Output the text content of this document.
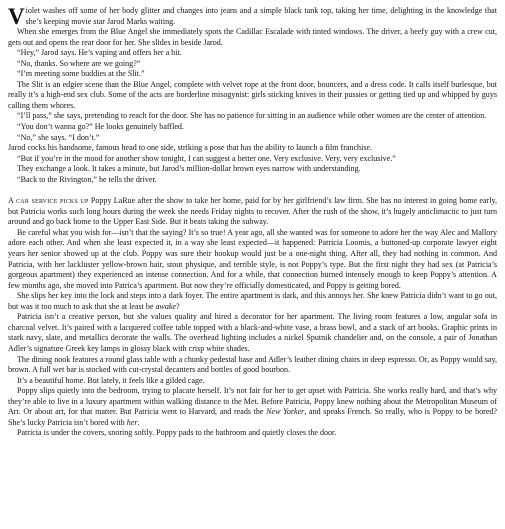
Violet washes off some of her body glitter and changes into jeans and a simple black tank top, taking her time, delighting in the knowledge that she’s keeping movie star Jarod Marks waiting.

When she emerges from the Blue Angel she immediately spots the Cadillac Escalade with tinted windows. The driver, a beefy guy with a crew cut, gets out and opens the rear door for her. She slides in beside Jarod.

“Hey,” Jarod says. He’s vaping and offers her a hit.

“No, thanks. So where are we going?”

“I’m meeting some buddies at the Slit.”

The Slit is an edgier scene than the Blue Angel, complete with velvet rope at the front door, bouncers, and a dress code. It calls itself burlesque, but really it’s a high-end sex club. Some of the acts are borderline misogynist: girls sticking knives in their pussies or getting tied up and whipped by guys calling them whores.

“I’ll pass,” she says, pretending to reach for the door. She has no patience for sitting in an audience while other women are the center of attention.

“You don’t wanna go?” He looks genuinely baffled.

“No,” she says. “I don’t.”

Jarod cocks his handsome, famous head to one side, striking a pose that has the ability to launch a film franchise.

“But if you’re in the mood for another show tonight, I can suggest a better one. Very exclusive. Very, very exclusive.”

They exchange a look. It takes a minute, but Jarod’s million-dollar brown eyes narrow with understanding.

“Back to the Rivington,” he tells the driver.

A car service picks up Poppy LaRue after the show to take her home, paid for by her girlfriend’s law firm. She has no interest in going home early, but Patricia works such long hours during the week she needs Friday nights to recover. After the rush of the show, it’s hugely anticlimactic to just turn around and go back home to the Upper East Side. But it beats taking the subway.

Be careful what you wish for—isn’t that the saying? It’s so true! A year ago, all she wanted was for someone to adore her the way Alec and Mallory adore each other. And when she least expected it, in a way she least expected—it happened: Patricia Loomis, a buttoned-up corporate lawyer eight years her senior showed up at the club. Poppy was sure their hookup would just be a one-night thing. After all, they had nothing in common. And Patricia, with her lackluster yellow-brown hair, stout physique, and terrible style, is not Poppy’s type. But the first night they had sex (at Patricia’s gorgeous apartment) they experienced an intense connection. And for a while, that connection burned intensely enough to keep Poppy’s attention. A few months ago, she moved into Patrica’s apartment. But now they’re officially domesticated, and Poppy is getting bored.

She slips her key into the lock and steps into a dark foyer. The entire apartment is dark, and this annoys her. She knew Patricia didn’t want to go out, but was it too much to ask that she at least be awake?

Patricia isn’t a creative person, but she values quality and hired a decorator for her apartment. The living room features a low, angular sofa in charcoal velvet. It’s paired with a lacquered coffee table topped with a black-and-white vase, a brass bowl, and a stack of art books. Graphic prints in stark navy, slate, and metallics decorate the walls. The overhead lighting includes a nickel Sputnik chandelier and, on the console, a pair of Jonathan Adler’s signature Greek key lamps in glossy black with crisp white shades.

The dining nook features a round glass table with a chunky pedestal base and Adler’s leather dining chairs in deep espresso. Or, as Poppy would say, brown. A full wet bar is stocked with cut-crystal decanters and bottles of good bourbon.

It’s a beautiful home. But lately, it feels like a gilded cage.

Poppy slips quietly into the bedroom, trying to placate herself. It’s not fair for her to get upset with Patricia. She works really hard, and that’s why they’re able to live in a luxury apartment within walking distance to the Met. Before Patricia, Poppy knew nothing about the Metropolitan Museum of Art. Or about art, for that matter. But Patricia went to Harvard, and reads the New Yorker, and speaks French. So really, who is Poppy to be bored? She’s lucky Patricia isn’t bored with her.

Patricia is under the covers, snoring softly. Poppy pads to the bathroom and quietly closes the door.
